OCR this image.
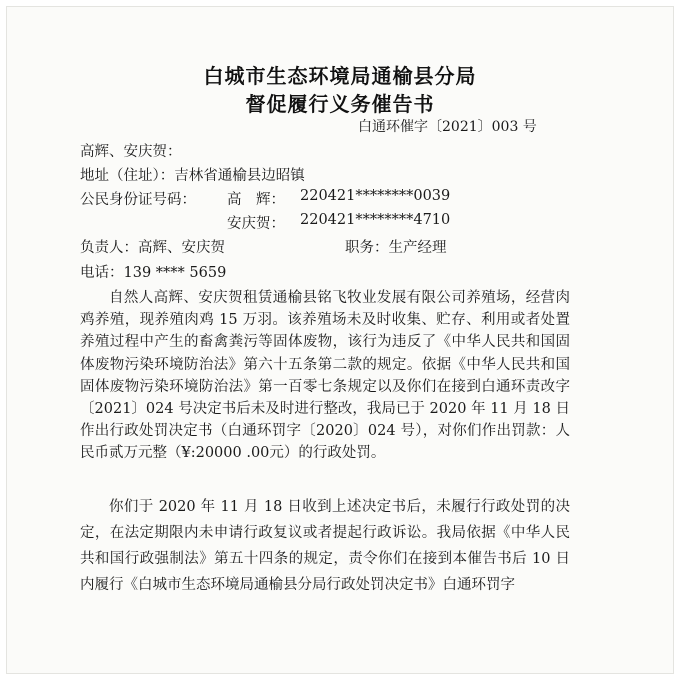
白城市生态环境局通榆县分局
督促履行义务催告书
白通环催字〔2021〕003 号
高辉、安庆贺：
地址（住址）：吉林省通榆县边昭镇
公民身份证号码： 高　辉： 220421********0039
安庆贺： 220421********4710
负责人：高辉、安庆贺	职务：生产经理
电话：139 **** 5659
自然人高辉、安庆贺租赁通榆县铭飞牧业发展有限公司养殖场，经营肉鸡养殖，现养殖肉鸡 15 万羽。该养殖场未及时收集、贮存、利用或者处置养殖过程中产生的畜禽粪污等固体废物，该行为违反了《中华人民共和国固体废物污染环境防治法》第六十五条第二款的规定。依据《中华人民共和国固体废物污染环境防治法》第一百零七条规定以及你们在接到白通环责改字〔2021〕024 号决定书后未及时进行整改，我局已于 2020 年 11 月 18 日作出行政处罚决定书（白通环罚字〔2020〕024 号），对你们作出罚款：人民币贰万元整（¥:20000 .00元）的行政处罚。
你们于 2020 年 11 月 18 日收到上述决定书后，未履行行政处罚的决定，在法定期限内未申请行政复议或者提起行政诉讼。我局依据《中华人民共和国行政强制法》第五十四条的规定，责令你们在接到本催告书后 10 日内履行《白城市生态环境局通榆县分局行政处罚决定书》白通环罚字
